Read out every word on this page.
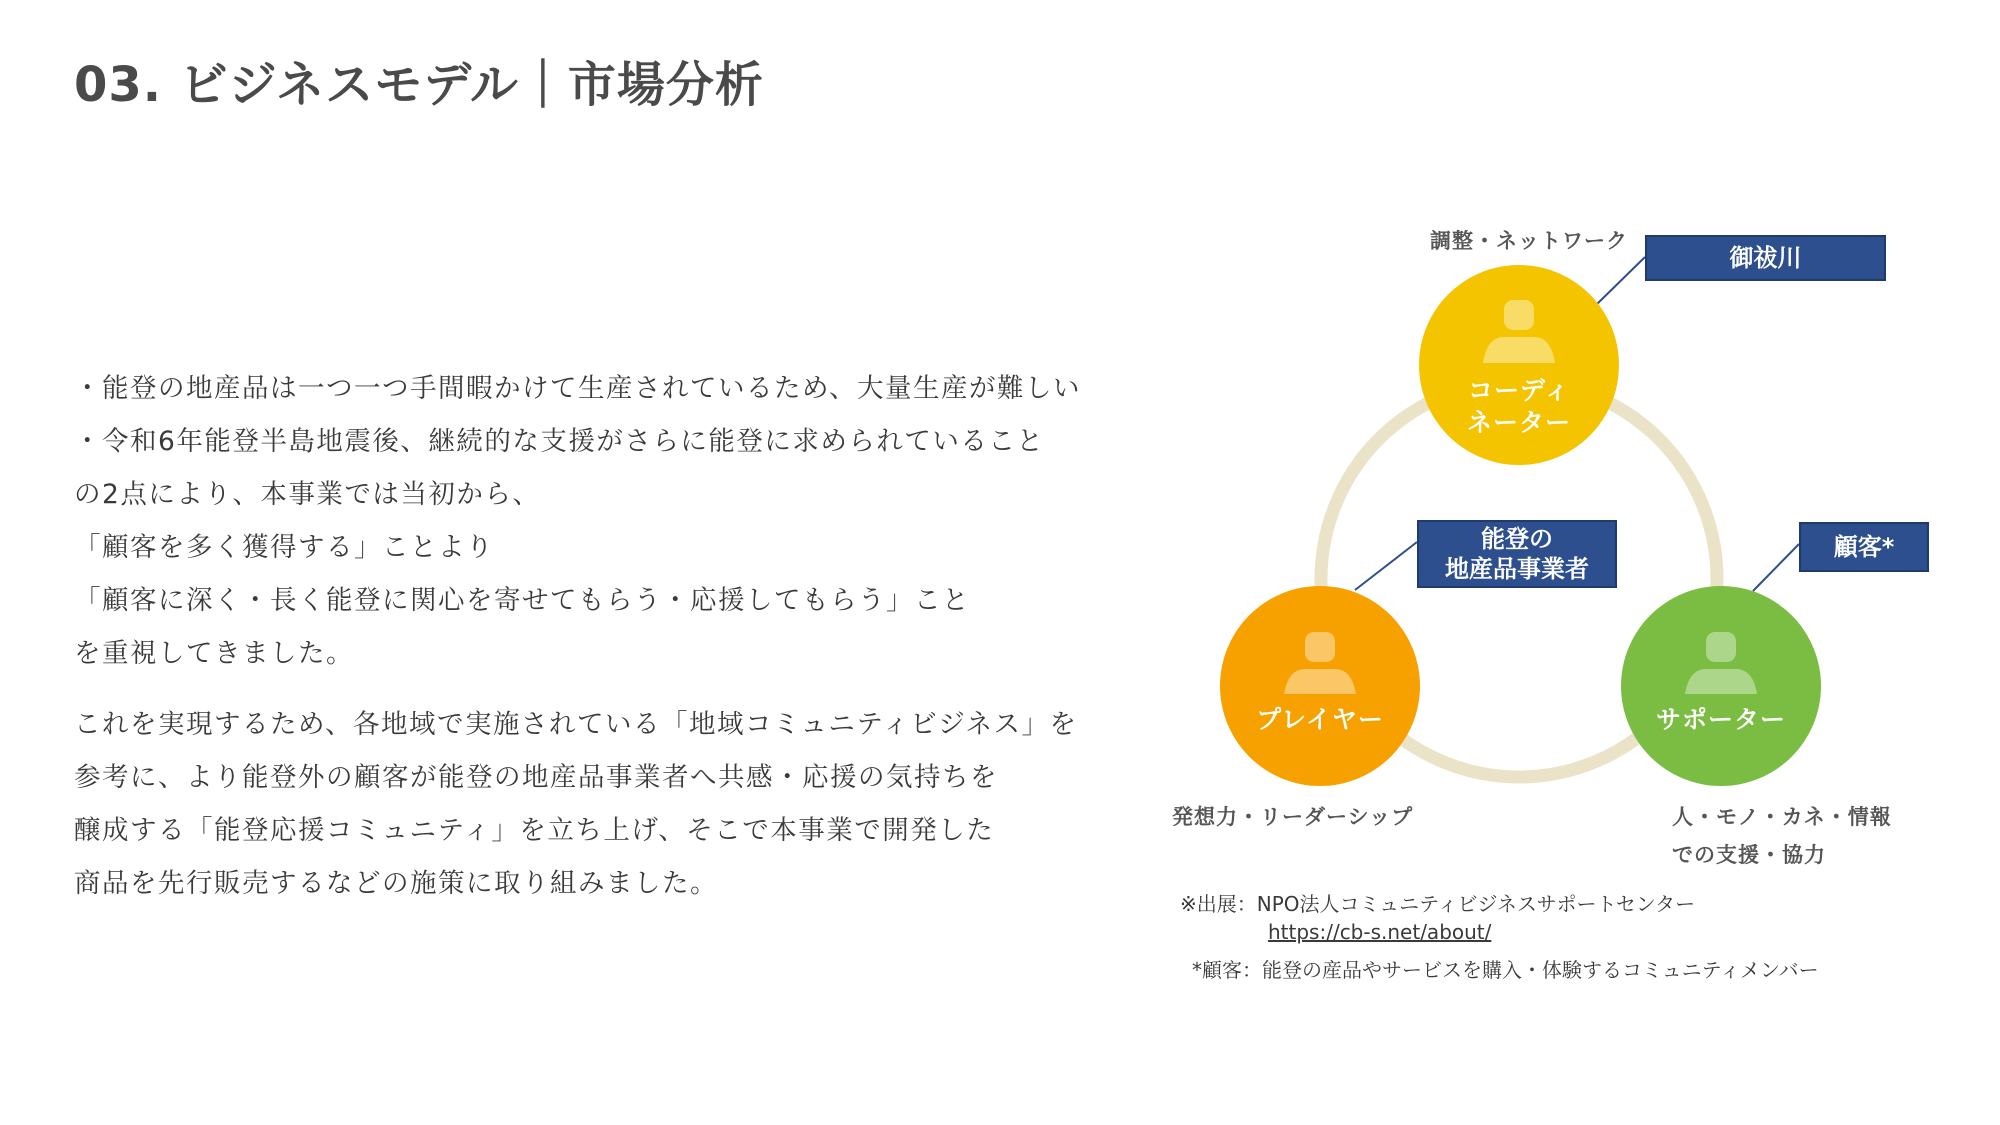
03. ビジネスモデル｜市場分析
・能登の地産品は一つ一つ手間暇かけて生産されているため、大量生産が難しい
・令和6年能登半島地震後、継続的な支援がさらに能登に求められていること
の2点により、本事業では当初から、
「顧客を多く獲得する」ことより
「顧客に深く・長く能登に関心を寄せてもらう・応援してもらう」こと
を重視してきました。
これを実現するため、各地域で実施されている「地域コミュニティビジネス」を
参考に、より能登外の顧客が能登の地産品事業者へ共感・応援の気持ちを
醸成する「能登応援コミュニティ」を立ち上げ、そこで本事業で開発した
商品を先行販売するなどの施策に取り組みました。
コーディ
ネーター
プレイヤー	サポーター
調整・ネットワーク
発想力・リーダーシップ	人・モノ・カネ・情報
での支援・協力
御祓川
能登の
地産品事業者
顧客*
※出展： NPO法人コミュニティビジネスサポートセンター
https://cb-s.net/about/
*顧客： 能登の産品やサービスを購入・体験するコミュニティメンバー
